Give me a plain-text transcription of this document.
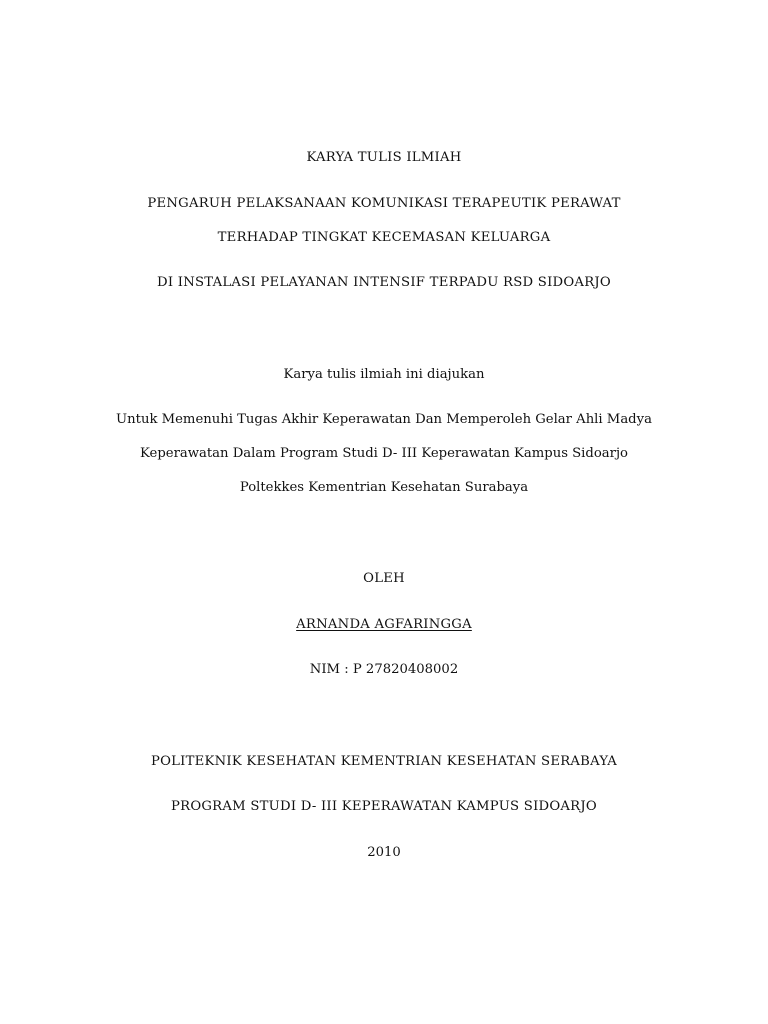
KARYA TULIS ILMIAH
PENGARUH PELAKSANAAN KOMUNIKASI TERAPEUTIK PERAWAT
TERHADAP TINGKAT KECEMASAN KELUARGA
DI INSTALASI PELAYANAN INTENSIF TERPADU RSD SIDOARJO
Karya tulis ilmiah ini diajukan
Untuk Memenuhi Tugas Akhir Keperawatan Dan Memperoleh Gelar Ahli Madya
Keperawatan Dalam Program Studi D- III Keperawatan Kampus Sidoarjo
Poltekkes Kementrian Kesehatan Surabaya
OLEH
ARNANDA AGFARINGGA
NIM : P 27820408002
POLITEKNIK KESEHATAN KEMENTRIAN KESEHATAN SERABAYA
PROGRAM STUDI D- III KEPERAWATAN KAMPUS SIDOARJO
2010
